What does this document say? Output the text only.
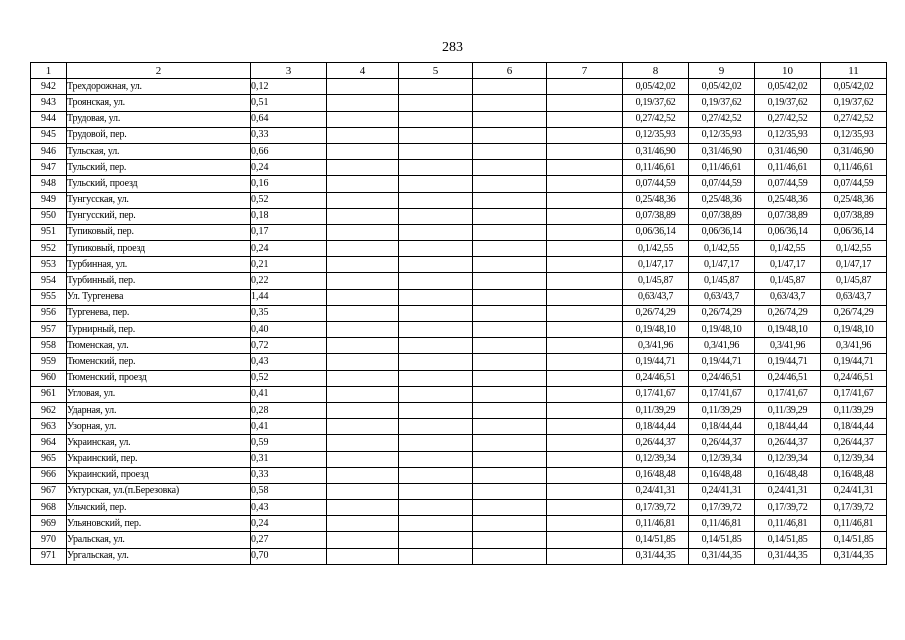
283
1	2	3	4	5	6	7	8	9	10	11
942	Трехдорожная, ул.	0,12					0,05/42,02	0,05/42,02	0,05/42,02	0,05/42,02
943	Троянская, ул.	0,51					0,19/37,62	0,19/37,62	0,19/37,62	0,19/37,62
944	Трудовая, ул.	0,64					0,27/42,52	0,27/42,52	0,27/42,52	0,27/42,52
945	Трудовой, пер.	0,33					0,12/35,93	0,12/35,93	0,12/35,93	0,12/35,93
946	Тульская, ул.	0,66					0,31/46,90	0,31/46,90	0,31/46,90	0,31/46,90
947	Тульский, пер.	0,24					0,11/46,61	0,11/46,61	0,11/46,61	0,11/46,61
948	Тульский, проезд	0,16					0,07/44,59	0,07/44,59	0,07/44,59	0,07/44,59
949	Тунгусская, ул.	0,52					0,25/48,36	0,25/48,36	0,25/48,36	0,25/48,36
950	Тунгусский, пер.	0,18					0,07/38,89	0,07/38,89	0,07/38,89	0,07/38,89
951	Тупиковый, пер.	0,17					0,06/36,14	0,06/36,14	0,06/36,14	0,06/36,14
952	Тупиковый, проезд	0,24					0,1/42,55	0,1/42,55	0,1/42,55	0,1/42,55
953	Турбинная, ул.	0,21					0,1/47,17	0,1/47,17	0,1/47,17	0,1/47,17
954	Турбинный, пер.	0,22					0,1/45,87	0,1/45,87	0,1/45,87	0,1/45,87
955	Ул. Тургенева	1,44					0,63/43,7	0,63/43,7	0,63/43,7	0,63/43,7
956	Тургенева, пер.	0,35					0,26/74,29	0,26/74,29	0,26/74,29	0,26/74,29
957	Турнирный, пер.	0,40					0,19/48,10	0,19/48,10	0,19/48,10	0,19/48,10
958	Тюменская, ул.	0,72					0,3/41,96	0,3/41,96	0,3/41,96	0,3/41,96
959	Тюменский, пер.	0,43					0,19/44,71	0,19/44,71	0,19/44,71	0,19/44,71
960	Тюменский, проезд	0,52					0,24/46,51	0,24/46,51	0,24/46,51	0,24/46,51
961	Угловая, ул.	0,41					0,17/41,67	0,17/41,67	0,17/41,67	0,17/41,67
962	Ударная, ул.	0,28					0,11/39,29	0,11/39,29	0,11/39,29	0,11/39,29
963	Узорная, ул.	0,41					0,18/44,44	0,18/44,44	0,18/44,44	0,18/44,44
964	Украинская, ул.	0,59					0,26/44,37	0,26/44,37	0,26/44,37	0,26/44,37
965	Украинский, пер.	0,31					0,12/39,34	0,12/39,34	0,12/39,34	0,12/39,34
966	Украинский, проезд	0,33					0,16/48,48	0,16/48,48	0,16/48,48	0,16/48,48
967	Уктурская, ул.(п.Березовка)	0,58					0,24/41,31	0,24/41,31	0,24/41,31	0,24/41,31
968	Ульчский, пер.	0,43					0,17/39,72	0,17/39,72	0,17/39,72	0,17/39,72
969	Ульяновский, пер.	0,24					0,11/46,81	0,11/46,81	0,11/46,81	0,11/46,81
970	Уральская, ул.	0,27					0,14/51,85	0,14/51,85	0,14/51,85	0,14/51,85
971	Ургальская, ул.	0,70					0,31/44,35	0,31/44,35	0,31/44,35	0,31/44,35
